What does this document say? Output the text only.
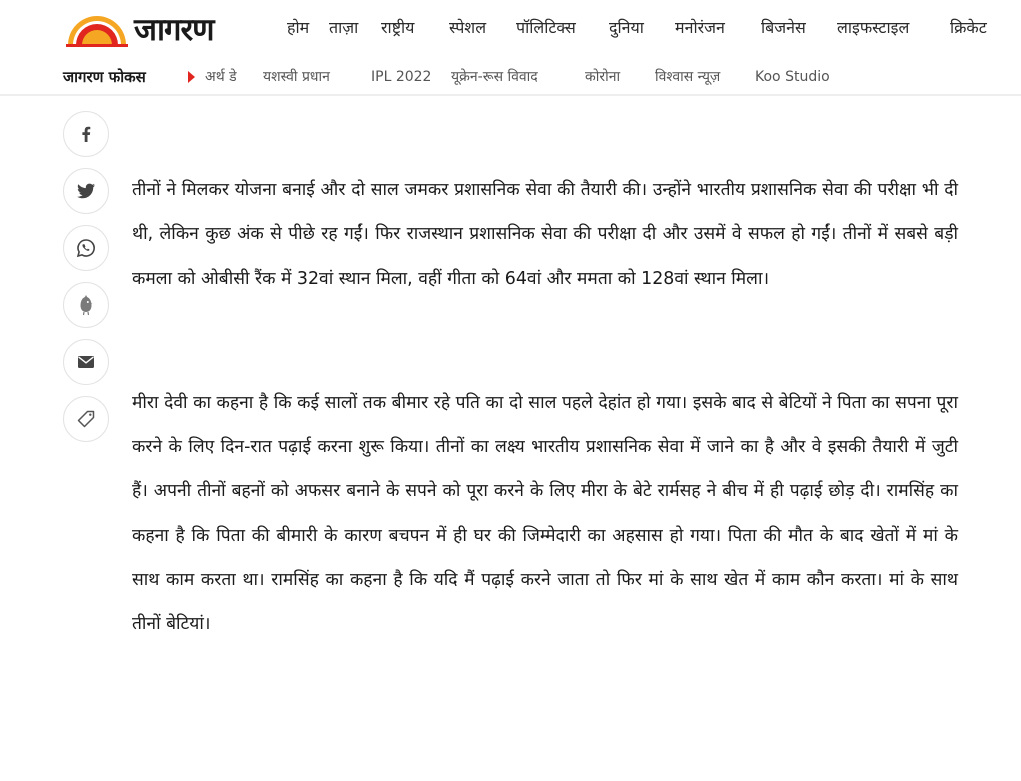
जागरण	होम	ताज़ा	राष्ट्रीय	स्पेशल	पॉलिटिक्स	दुनिया	मनोरंजन	बिजनेस	लाइफस्टाइल	क्रिकेट
जागरण फोकस	अर्थ डे	यशस्वी प्रधान	IPL 2022	यूक्रेन-रूस विवाद	कोरोना	विश्वास न्यूज़	Koo Studio

तीनों ने मिलकर योजना बनाई और दो साल जमकर प्रशासनिक सेवा की तैयारी की। उन्होंने भारतीय प्रशासनिक सेवा की परीक्षा भी दी थी, लेकिन कुछ अंक से पीछे रह गईं। फिर राजस्थान प्रशासनिक सेवा की परीक्षा दी और उसमें वे सफल हो गईं। तीनों में सबसे बड़ी कमला को ओबीसी रैंक में 32वां स्थान मिला, वहीं गीता को 64वां और ममता को 128वां स्थान मिला।

मीरा देवी का कहना है कि कई सालों तक बीमार रहे पति का दो साल पहले देहांत हो गया। इसके बाद से बेटियों ने पिता का सपना पूरा करने के लिए दिन-रात पढ़ाई करना शुरू किया। तीनों का लक्ष्य भारतीय प्रशासनिक सेवा में जाने का है और वे इसकी तैयारी में जुटी हैं। अपनी तीनों बहनों को अफसर बनाने के सपने को पूरा करने के लिए मीरा के बेटे रार्मसह ने बीच में ही पढ़ाई छोड़ दी। रामसिंह का कहना है कि पिता की बीमारी के कारण बचपन में ही घर की जिम्मेदारी का अहसास हो गया। पिता की मौत के बाद खेतों में मां के साथ काम करता था। रामसिंह का कहना है कि यदि मैं पढ़ाई करने जाता तो फिर मां के साथ खेत में काम कौन करता। मां के साथ तीनों बेटियां।
